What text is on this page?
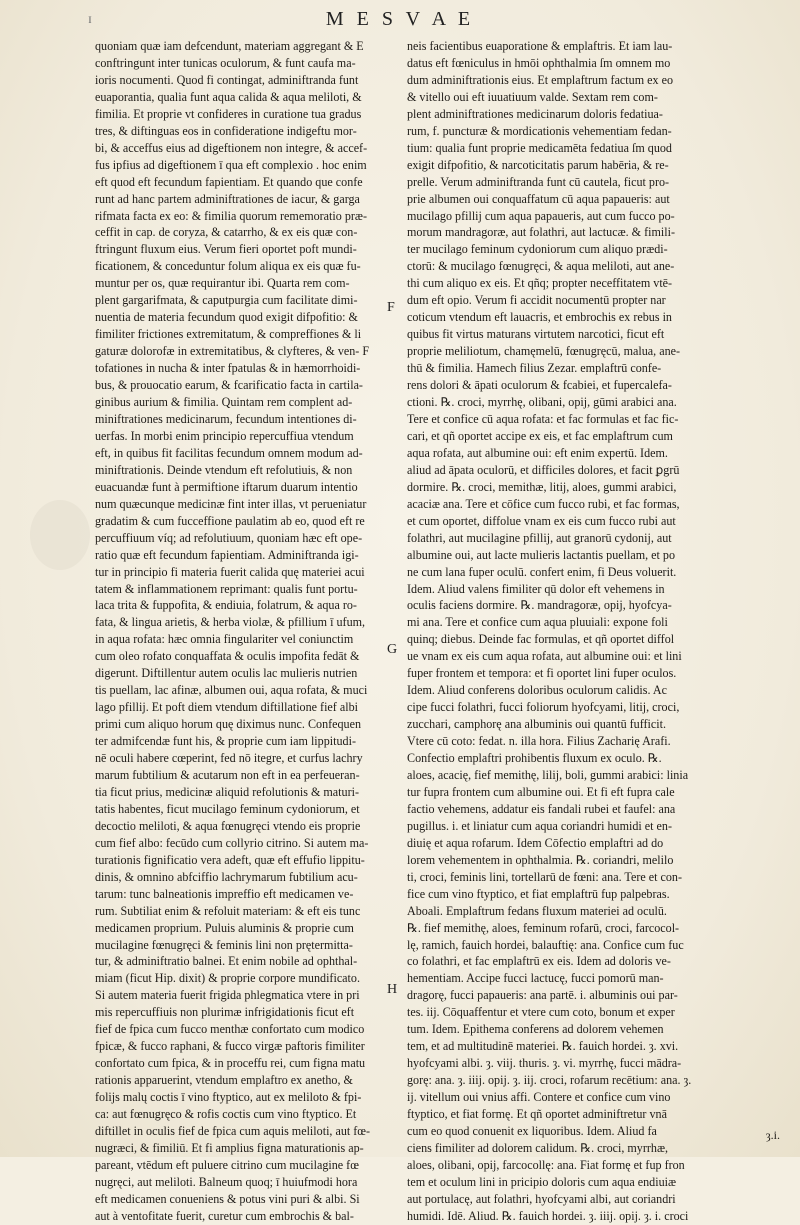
ɪ	M E S V A E

quoniam quæ iam defcendunt, materiam aggregant & E

conftringunt inter tunicas oculorum, & funt caufa ma-

ioris nocumenti. Quod fi contingat, adminiftranda funt

euaporantia, qualia funt aqua calida & aqua meliloti, &

fimilia. Et proprie vt confideres in curatione tua gradus

tres, & diftinguas eos in confideratione indigeftu mor-

bi, & acceffus eius ad digeftionem non integre, & accef-

fus ipfius ad digeftionem ī qua eft complexio . hoc enim

eft quod eft fecundum fapientiam. Et quando que confe

runt ad hanc partem adminiftrationes de iacur, & garga

rifmata facta ex eo: & fimilia quorum rememoratio præ-

ceffit in cap. de coryza, & catarrho, & ex eis quæ con-

ftringunt fluxum eius. Verum fieri oportet poft mundi-

ficationem, & conceduntur folum aliqua ex eis quæ fu-

muntur per os, quæ requirantur ibi. Quarta rem com-

plent gargarifmata, & caputpurgia cum facilitate dimi-

nuentia de materia fecundum quod exigit difpofitio: &

fimiliter frictiones extremitatum, & compreffiones & li

gaturæ dolorofæ in extremitatibus, & clyfteres, & ven- F

tofationes in nucha & inter fpatulas & in hæmorrhoidi-

bus, & prouocatio earum, & fcarificatio facta in cartila-

ginibus aurium & fimilia. Quintam rem complent ad-

miniftrationes medicinarum, fecundum intentiones di-

uerfas. In morbi enim principio repercuffiua vtendum

eft, in quibus fit facilitas fecundum omnem modum ad-

miniftrationis. Deinde vtendum eft refolutiuis, & non

euacuandæ funt à permiftione iftarum duarum intentio

num quæcunque medicinæ fint inter illas, vt perueniatur

gradatim & cum fucceffione paulatim ab eo, quod eft re

percuffiuum víq; ad refolutiuum, quoniam hæc eft ope-

ratio quæ eft fecundum fapientiam. Adminiftranda igi-

tur in principio fi materia fuerit calida quę materiei acui

tatem & inflammationem reprimant: qualis funt portu-

laca trita & fuppofita, & endiuia, folatrum, & aqua ro-

fata, & lingua arietis, & herba violæ, & pfillium ī ufum,

in aqua rofata: hæc omnia fingulariter vel coniunctim

cum oleo rofato conquaffata & oculis impofita fedāt &

digerunt. Diftillentur autem oculis lac mulieris nutrien

tis puellam, lac afinæ, albumen oui, aqua rofata, & muci

lago pfillij. Et poft diem vtendum diftillatione fief albi

primi cum aliquo horum quę diximus nunc. Confequen

ter admifcendæ funt his, & proprie cum iam lippitudi-

nē oculi habere cœperint, fed nō itegre, et curfus lachry

marum fubtilium & acutarum non eft in ea perfeueran-

tia ficut prius, medicinæ aliquid refolutionis & maturi-

tatis habentes, ficut mucilago feminum cydoniorum, et

decoctio meliloti, & aqua fœnugręci vtendo eis proprie

cum fief albo: fecūdo cum collyrio citrino. Si autem ma-

turationis fignificatio vera adeft, quæ eft effufio lippitu-

dinis, & omnino abfciffio lachrymarum fubtilium acu-

tarum: tunc balneationis impreffio eft medicamen ve-

rum. Subtiliat enim & refoluit materiam: & eft eis tunc

medicamen proprium. Puluis aluminis & proprie cum

mucilagine fœnugręci & feminis lini non prętermitta-

tur, & adminiftratio balnei. Et enim nobile ad ophthal-

miam (ficut Hip. dixit) & proprie corpore mundificato.

Si autem materia fuerit frigida phlegmatica vtere in pri

mis repercuffiuis non plurimæ infrigidationis ficut eft

fief de fpica cum fucco menthæ confortato cum modico

fpicæ, & fucco raphani, & fucco virgæ paftoris fimiliter

confortato cum fpica, & in proceffu rei, cum figna matu

rationis apparuerint, vtendum emplaftro ex anetho, &

folijs malų coctis ī vino ftyptico, aut ex meliloto & fpi-

ca: aut fœnugręco & rofis coctis cum vino ftyptico. Et

diftillet in oculis fief de fpica cum aquis meliloti, aut fœ-

nugræci, & fimiliū. Et fi amplius figna maturationis ap-

pareant, vtēdum eft puluere citrino cum mucilagine fœ

nugręci, aut meliloti. Balneum quoq; ī huiufmodi hora

eft medicamen conueniens & potus vini puri & albi. Si

aut à ventofitate fuerit, curetur cum embrochis & bal-

neis facientibus euaporatione & emplaftris. Et iam lau-

datus eft fœniculus in hmōi ophthalmia ſm omnem mo

dum adminiftrationis eius. Et emplaftrum factum ex eo

& vitello oui eft iuuatiuum valde. Sextam rem com-

plent adminiftrationes medicinarum doloris fedatiua-

rum, f. puncturæ & mordicationis vehementiam fedan-

tium: qualia funt proprie medicamēta fedatiua ſm quod

exigit difpofitio, & narcoticitatis parum habēria, & re-

prelle. Verum adminiftranda funt cū cautela, ficut pro-

prie albumen oui conquaffatum cū aqua papaueris: aut

mucilago pfillij cum aqua papaueris, aut cum fucco po-

morum mandragoræ, aut folathri, aut lactucæ. & fimili-

ter mucilago feminum cydoniorum cum aliquo prædi-

ctorū: & mucilago fœnugręci, & aqua meliloti, aut ane-

thi cum aliquo ex eis. Et qñq; propter neceffitatem vtē-

dum eft opio. Verum fi accidit nocumentū propter nar

coticum vtendum eft lauacris, et embrochis ex rebus in

quibus fit virtus maturans virtutem narcotici, ficut eft

proprie meliliotum, chamęmelū, fœnugręcū, malua, ane-

thū & fimilia. Hamech filius Zezar. emplaftrū confe-

rens dolori & āpati oculorum & fcabiei, et fupercalefa-

ctioni. ℞. croci, myrrhę, olibani, opij, gūmi arabici ana.

Tere et confice cū aqua rofata: et fac formulas et fac fic-

cari, et qñ oportet accipe ex eis, et fac emplaftrum cum

aqua rofata, aut albumine oui: eft enim expertū. Idem.

aliud ad āpata oculorū, et difficiles dolores, et facit ꝑgrū

dormire. ℞. croci, memithæ, litij, aloes, gummi arabici,

acaciæ ana. Tere et cōfice cum fucco rubi, et fac formas,

et cum oportet, diffolue vnam ex eis cum fucco rubi aut

folathri, aut mucilagine pfillij, aut granorū cydonij, aut

albumine oui, aut lacte mulieris lactantis puellam, et po

ne cum lana fuper oculū. confert enim, fi Deus voluerit.

Idem. Aliud valens fimiliter qū dolor eft vehemens in

oculis faciens dormire. ℞. mandragoræ, opij, hyofcya-

mi ana. Tere et confice cum aqua pluuiali: expone foli

quinq; diebus. Deinde fac formulas, et qñ oportet diffol

ue vnam ex eis cum aqua rofata, aut albumine oui: et lini

fuper frontem et tempora: et fi oportet lini fuper oculos.

Idem. Aliud conferens doloribus oculorum calidis. Ac

cipe fucci folathri, fucci foliorum hyofcyami, litij, croci,

zucchari, camphorę ana albuminis oui quantū fufficit.

Vtere cū coto: fedat. n. illa hora. Filius Zacharię Arafi.

Confectio emplaftri prohibentis fluxum ex oculo. ℞.

aloes, acacię, fief memithę, lilij, boli, gummi arabici: linia

tur fupra frontem cum albumine oui. Et fi eft fupra cale

factio vehemens, addatur eis fandali rubei et faufel: ana

pugillus. i. et liniatur cum aqua coriandri humidi et en-

diuię et aqua rofarum. Idem Cōfectio emplaftri ad do

lorem vehementem in ophthalmia. ℞. coriandri, melilo

ti, croci, feminis lini, tortellarū de fœni: ana. Tere et con-

fice cum vino ftyptico, et fiat emplaftrū fup palpebras.

Aboali. Emplaftrum fedans fluxum materiei ad oculū.

℞. fief memithę, aloes, feminum rofarū, croci, farcocol-

lę, ramich, fauich hordei, balauftię: ana. Confice cum fuc

co folathri, et fac emplaftrū ex eis. Idem ad doloris ve-

hementiam. Accipe fucci lactucę, fucci pomorū man-

dragorę, fucci papaueris: ana partē. i. albuminis oui par-

tes. iij. Cōquaffentur et vtere cum coto, bonum et exper

tum. Idem. Epithema conferens ad dolorem vehemen

tem, et ad multitudinē materiei. ℞. fauich hordei. ȝ. xvi.

hyofcyami albi. ȝ. viij. thuris. ȝ. vi. myrrhę, fucci mādra-

gorę: ana. ȝ. iiij. opij. ȝ. iij. croci, rofarum recētium: ana. ȝ.

ij. vitellum oui vnius affi. Contere et confice cum vino

ftyptico, et fiat formę. Et qñ oportet adminiftretur vnā

cum eo quod conuenit ex liquoribus. Idem. Aliud fa

ciens fimiliter ad dolorem calidum. ℞. croci, myrrhæ,

aloes, olibani, opij, farcocollę: ana. Fiat formę et fup fron

tem et oculum lini in pricipio doloris cum aqua endiuiæ

aut portulacę, aut folathri, hyofcyami albi, aut coriandri

humidi. Idē. Aliud. ℞. fauich hordei. ȝ. iiij. opij. ȝ. i. croci

F
G
H
ȝ.i.
